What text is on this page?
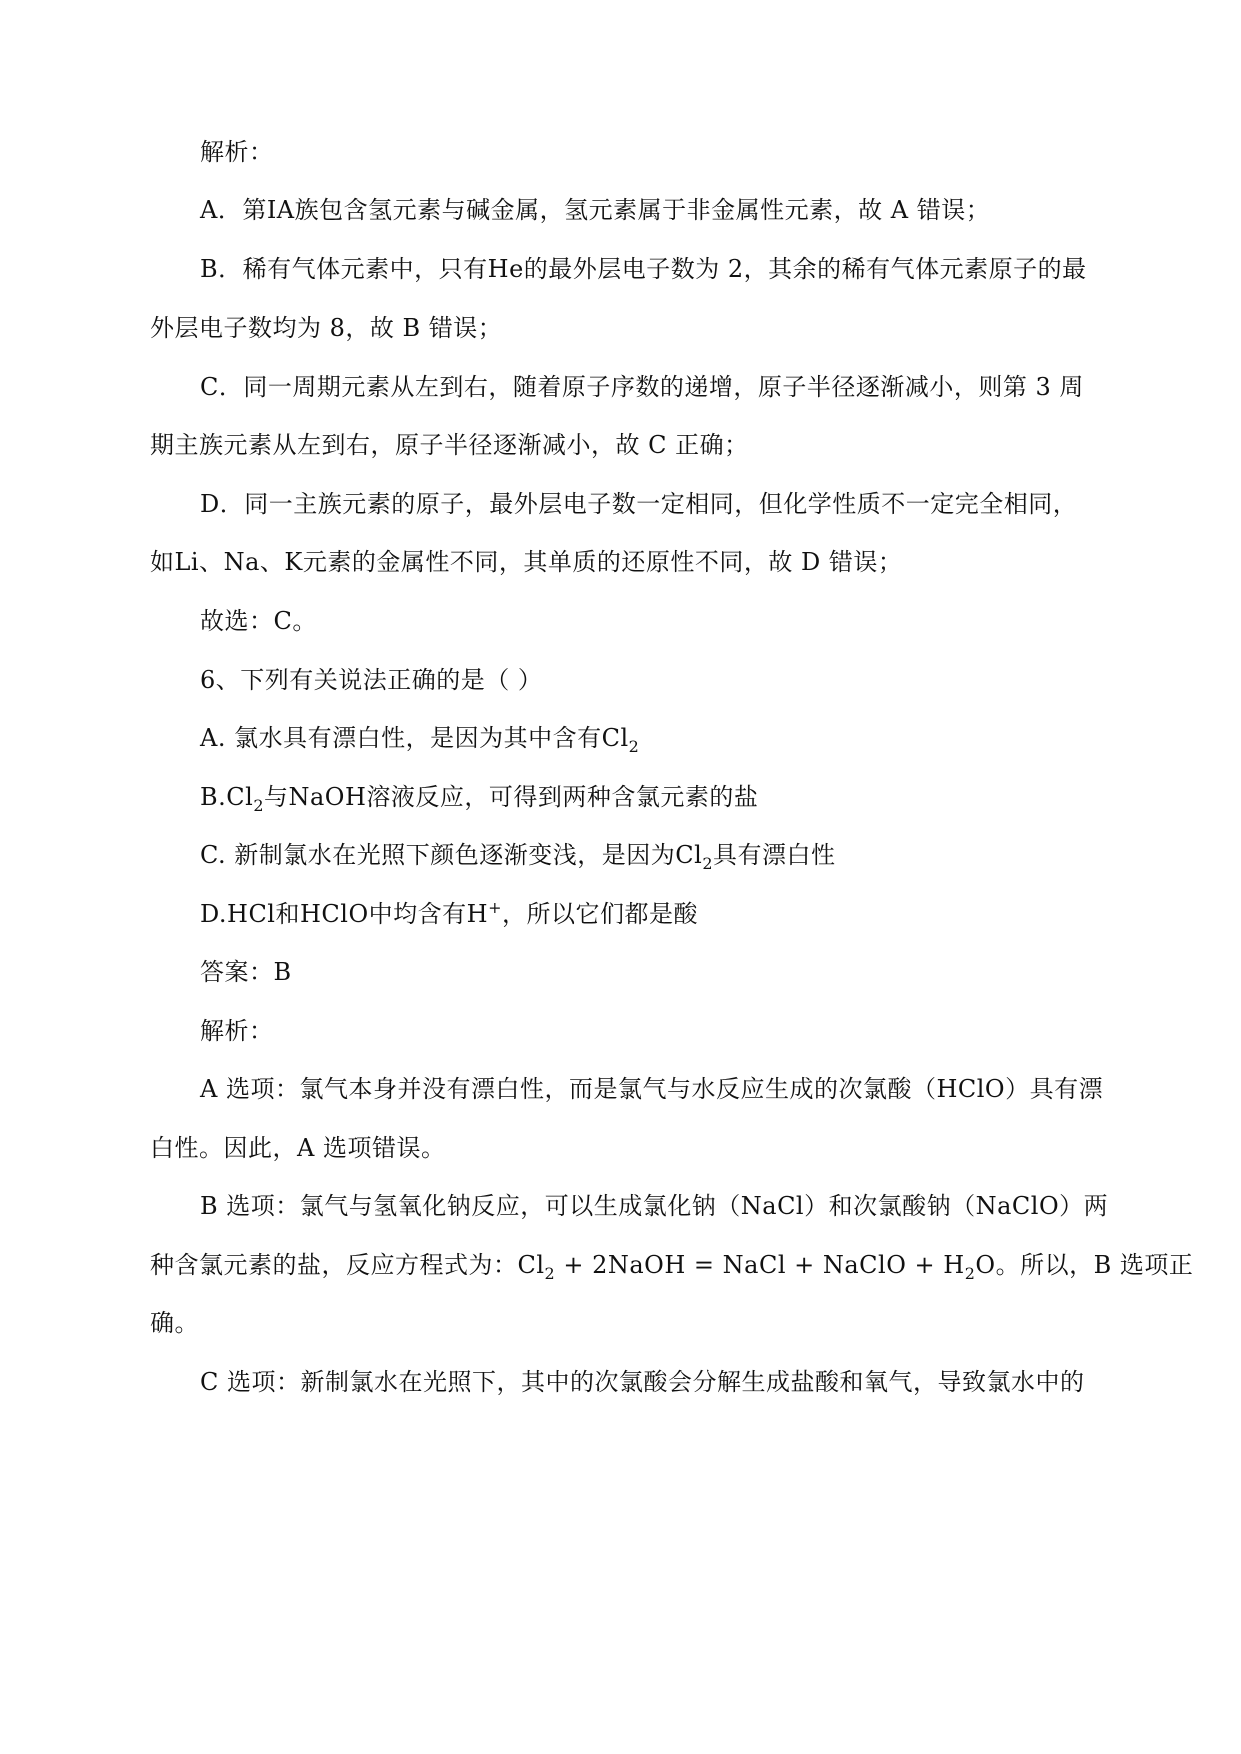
解析：
A．第ⅠA族包含氢元素与碱金属，氢元素属于非金属性元素，故 A 错误；
B．稀有气体元素中，只有He的最外层电子数为 2，其余的稀有气体元素原子的最
外层电子数均为 8，故 B 错误；
C．同一周期元素从左到右，随着原子序数的递增，原子半径逐渐减小，则第 3 周
期主族元素从左到右，原子半径逐渐减小，故 C 正确；
D．同一主族元素的原子，最外层电子数一定相同，但化学性质不一定完全相同，
如Li、Na、K元素的金属性不同，其单质的还原性不同，故 D 错误；
故选：C。
6、下列有关说法正确的是（ ）
A. 氯水具有漂白性，是因为其中含有$Cl_2$
$B.Cl_2$与NaOH溶液反应，可得到两种含氯元素的盐
C. 新制氯水在光照下颜色逐渐变浅，是因为$Cl_2$具有漂白性
D.HCl和HClO中均含有H+，所以它们都是酸
答案：B
解析：
A 选项：氯气本身并没有漂白性，而是氯气与水反应生成的次氯酸（HClO）具有漂
白性。因此，A 选项错误。
B 选项：氯气与氢氧化钠反应，可以生成氯化钠（NaCl）和次氯酸钠（NaClO）两
种含氯元素的盐，反应方程式为：$Cl_2$ + 2NaOH = NaCl + NaClO + $H_2O$。所以，B 选项正
确。
C 选项：新制氯水在光照下，其中的次氯酸会分解生成盐酸和氧气，导致氯水中的
